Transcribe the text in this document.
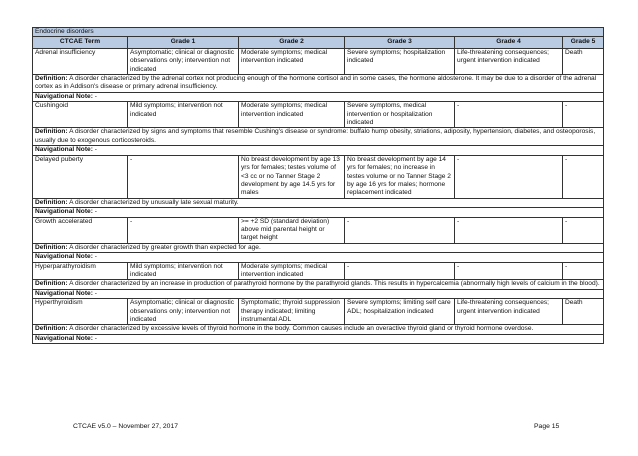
Endocrine disorders					
CTCAE Term	Grade 1	Grade 2	Grade 3	Grade 4	Grade 5
Adrenal insufficiency	Asymptomatic; clinical or diagnostic observations only; intervention not indicated	Moderate symptoms; medical intervention indicated	Severe symptoms; hospitalization indicated	Life-threatening consequences; urgent intervention indicated	Death
Definition: A disorder characterized by the adrenal cortex not producing enough of the hormone cortisol and in some cases, the hormone aldosterone. It may be due to a disorder of the adrenal cortex as in Addison's disease or primary adrenal insufficiency.					
Navigational Note: -					
Cushingoid	Mild symptoms; intervention not indicated	Moderate symptoms; medical intervention indicated	Severe symptoms, medical intervention or hospitalization indicated	-	-
Definition: A disorder characterized by signs and symptoms that resemble Cushing's disease or syndrome: buffalo hump obesity, striations, adiposity, hypertension, diabetes, and osteoporosis, usually due to exogenous corticosteroids.					
Navigational Note: -					
Delayed puberty	-	No breast development by age 13 yrs for females; testes volume of <3 cc or no Tanner Stage 2 development by age 14.5 yrs for males	No breast development by age 14 yrs for females; no increase in testes volume or no Tanner Stage 2 by age 16 yrs for males; hormone replacement indicated	-	-
Definition: A disorder characterized by unusually late sexual maturity.					
Navigational Note: -					
Growth accelerated	-	>= +2 SD (standard deviation) above mid parental height or target height	-	-	-
Definition: A disorder characterized by greater growth than expected for age.					
Navigational Note: -					
Hyperparathyroidism	Mild symptoms; intervention not indicated	Moderate symptoms; medical intervention indicated	-	-	-
Definition: A disorder characterized by an increase in production of parathyroid hormone by the parathyroid glands. This results in hypercalcemia (abnormally high levels of calcium in the blood).					
Navigational Note: -					
Hyperthyroidism	Asymptomatic; clinical or diagnostic observations only; intervention not indicated	Symptomatic; thyroid suppression therapy indicated; limiting instrumental ADL	Severe symptoms; limiting self care ADL; hospitalization indicated	Life-threatening consequences; urgent intervention indicated	Death
Definition: A disorder characterized by excessive levels of thyroid hormone in the body. Common causes include an overactive thyroid gland or thyroid hormone overdose.					
Navigational Note: -					
CTCAE v5.0 – November 27, 2017	Page 15
